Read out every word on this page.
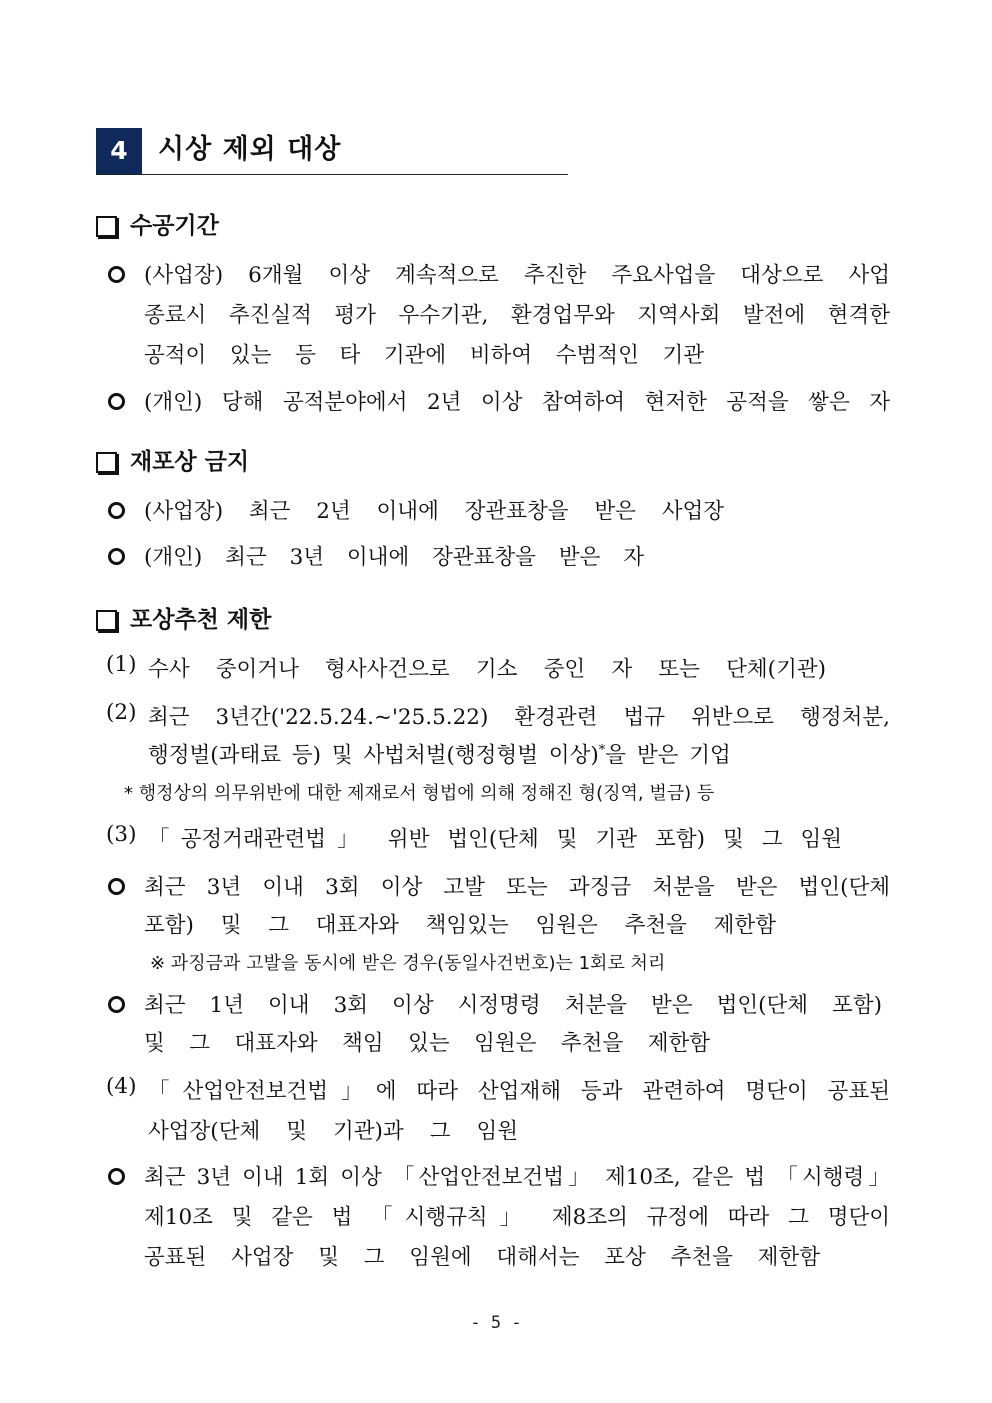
4	시상 제외 대상
수공기간
(사업장) 6개월 이상 계속적으로 추진한 주요사업을 대상으로 사업
종료시 추진실적 평가 우수기관, 환경업무와 지역사회 발전에 현격한
공적이 있는 등 타 기관에 비하여 수범적인 기관
(개인) 당해 공적분야에서 2년 이상 참여하여 현저한 공적을 쌓은 자
재포상 금지
(사업장) 최근 2년 이내에 장관표창을 받은 사업장
(개인) 최근 3년 이내에 장관표창을 받은 자
포상추천 제한
(1) 수사 중이거나 형사사건으로 기소 중인 자 또는 단체(기관)
(2) 최근 3년간('22.5.24.~'25.5.22) 환경관련 법규 위반으로 행정처분,
행정벌(과태료 등) 및 사법처벌(행정형벌 이상)*을 받은 기업
* 행정상의 의무위반에 대한 제재로서 형법에 의해 정해진 형(징역, 벌금) 등
(3) 「공정거래관련법」 위반 법인(단체 및 기관 포함) 및 그 임원
최근 3년 이내 3회 이상 고발 또는 과징금 처분을 받은 법인(단체
포함) 및 그 대표자와 책임있는 임원은 추천을 제한함
※ 과징금과 고발을 동시에 받은 경우(동일사건번호)는 1회로 처리
최근 1년 이내 3회 이상 시정명령 처분을 받은 법인(단체 포함)
및 그 대표자와 책임 있는 임원은 추천을 제한함
(4) 「산업안전보건법」에 따라 산업재해 등과 관련하여 명단이 공표된
사업장(단체 및 기관)과 그 임원
최근 3년 이내 1회 이상 「산업안전보건법」 제10조, 같은 법 「시행령」
제10조 및 같은 법 「시행규칙」 제8조의 규정에 따라 그 명단이
공표된 사업장 및 그 임원에 대해서는 포상 추천을 제한함
- 5 -
